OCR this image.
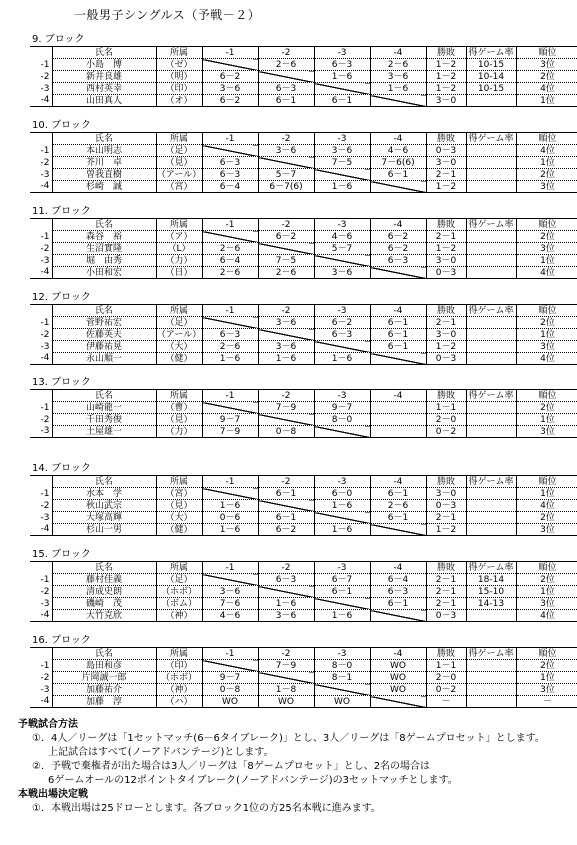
一般男子シングルス（予戦－２）
9. ブロック
	氏名	所属	-1	-2	-3	-4	勝敗	得ゲーム率	順位
-1	小島　博	（ゼ）		2－6	6－3	2－6	1－2	10-15	3位
-2	新井良雄	（明）	6－2		1－6	3－6	1－2	10-14	2位
-3	西村英幸	（印）	3－6	6－3		1－6	1－2	10-15	4位
-4	山田真人	（オ）	6－2	6－1	6－1		3－0		1位
10. ブロック
	氏名	所属	-1	-2	-3	-4	勝敗	得ゲーム率	順位
-1	本山明志	（足）		3－6	3－6	4－6	0－3		4位
-2	芥川　卓	（見）	6－3		7－5	7－6(6)	3－0		1位
-3	曽我直樹	（アール）	6－3	5－7		6－1	2－1		2位
-4	杉崎　誠	（宮）	6－4	6－7(6)	1－6		1－2		3位
11. ブロック
	氏名	所属	-1	-2	-3	-4	勝敗	得ゲーム率	順位
-1	森谷　裕	（ア）		6－2	4－6	6－2	2－1		2位
-2	生沼實隆	（L）	2－6		5－7	6－2	1－2		3位
-3	堀　由秀	（力）	6－4	7－5		6－3	3－0		1位
-4	小田和宏	（日）	2－6	2－6	3－6		0－3		4位
12. ブロック
	氏名	所属	-1	-2	-3	-4	勝敗	得ゲーム率	順位
-1	菅野祐宏	（足）		3－6	6－2	6－1	2－1		2位
-2	佐藤英夫	（アール）	6－3		6－3	6－1	3－0		1位
-3	伊藤祐晃	（大）	2－6	3－6		6－1	1－2		3位
-4	永山順一	（健）	1－6	1－6	1－6		0－3		4位
13. ブロック
	氏名	所属	-1	-2	-3	-4	勝敗	得ゲーム率	順位
-1	山崎龍一	（曹）		7－9	9－7		1－1		2位
-2	千田秀俊	（見）	9－7		8－0		2－0		1位
-3	土屋雄一	（力）	7－9	0－8			0－2		3位
14. ブロック
	氏名	所属	-1	-2	-3	-4	勝敗	得ゲーム率	順位
-1	水本　学	（宮）		6－1	6－0	6－1	3－0		1位
-2	秋山武宗	（見）	1－6		1－6	2－6	0－3		4位
-3	大塚高輝	（大）	0－6	6－1		6－1	2－1		2位
-4	杉山一男	（健）	1－6	6－2	1－6		1－2		3位
15. ブロック
	氏名	所属	-1	-2	-3	-4	勝敗	得ゲーム率	順位
-1	藤村佳義	（足）		6－3	6－7	6－4	2－1	18-14	2位
-2	清成史朗	（ホボ）	3－6		6－1	6－3	2－1	15-10	1位
-3	磯崎　茂	（ボム）	7－6	1－6		6－1	2－1	14-13	3位
-4	大竹克欣	（神）	4－6	3－6	1－6		0－3		4位
16. ブロック
	氏名	所属	-1	-2	-3	-4	勝敗	得ゲーム率	順位
-1	島田和彦	（印）		7－9	8－0	WO	1－1		2位
-2	片岡誠一郎	（ホボ）	9－7		8－1	WO	2－0		1位
-3	加藤祐介	（神）	0－8	1－8		WO	0－2		3位
-4	加藤　淳	（ハ）	WO	WO	WO		－		－
予戦試合方法
①．4人／リーグは「1セットマッチ(6－6タイブレーク)」とし、3人／リーグは「8ゲームプロセット」とします。
上記試合はすべて(ノーアドバンテージ)とします。
②．予戦で棄権者が出た場合は3人／リーグは「8ゲームプロセット」とし、2名の場合は
6ゲームオールの12ポイントタイブレーク(ノーアドバンテージ)の3セットマッチとします。
本戦出場決定戦
①．本戦出場は25ドローとします。各ブロック1位の方25名本戦に進みます。
